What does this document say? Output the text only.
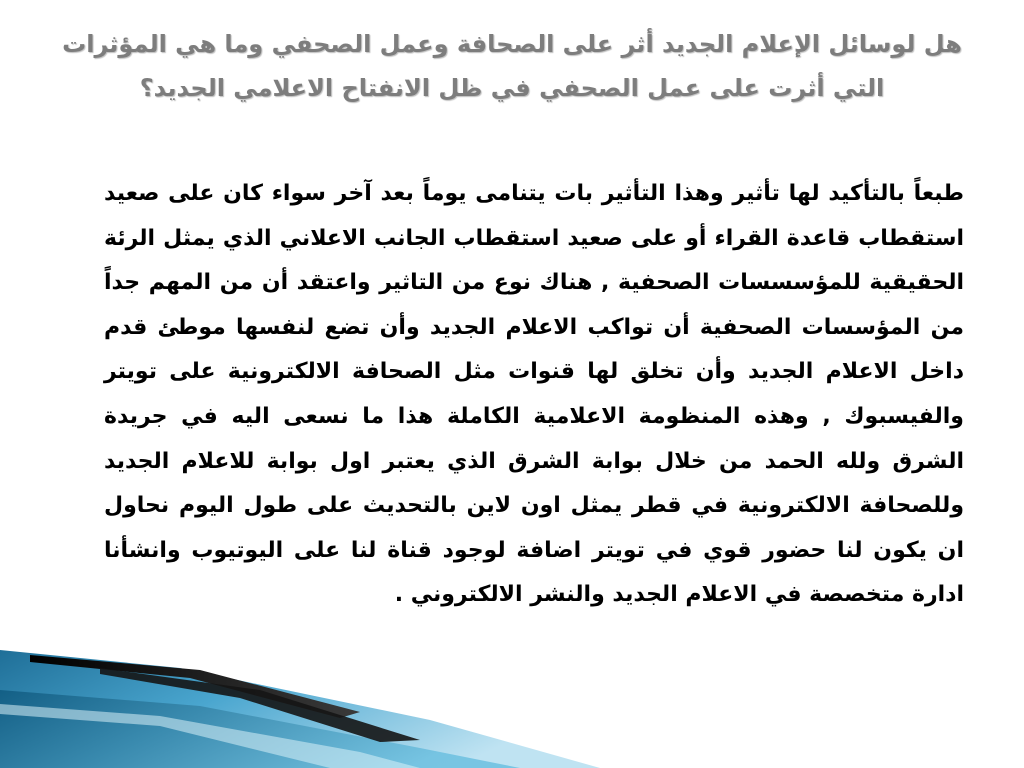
هل لوسائل الإعلام الجديد أثر على الصحافة وعمل الصحفي وما هي المؤثرات التي أثرت على عمل الصحفي في ظل الانفتاح الاعلامي الجديد؟
طبعاً بالتأكيد لها تأثير وهذا التأثير بات يتنامى يوماً بعد آخر سواء كان على صعيد استقطاب قاعدة القراء أو على صعيد استقطاب الجانب الاعلاني الذي يمثل الرئة الحقيقية للمؤسسسات الصحفية , هناك نوع من التاثير واعتقد أن من المهم جداً من المؤسسات الصحفية أن تواكب الاعلام الجديد وأن تضع لنفسها موطئ قدم داخل الاعلام الجديد وأن تخلق لها قنوات مثل الصحافة الالكترونية على تويتر والفيسبوك , وهذه المنظومة الاعلامية الكاملة هذا ما نسعى اليه في جريدة الشرق ولله الحمد من خلال بوابة الشرق الذي يعتبر اول بوابة للاعلام الجديد وللصحافة الالكترونية في قطر يمثل اون لاين بالتحديث على طول اليوم نحاول ان يكون لنا حضور قوي في تويتر اضافة لوجود قناة لنا على اليوتيوب وانشأنا ادارة متخصصة في الاعلام الجديد والنشر الالكتروني .
